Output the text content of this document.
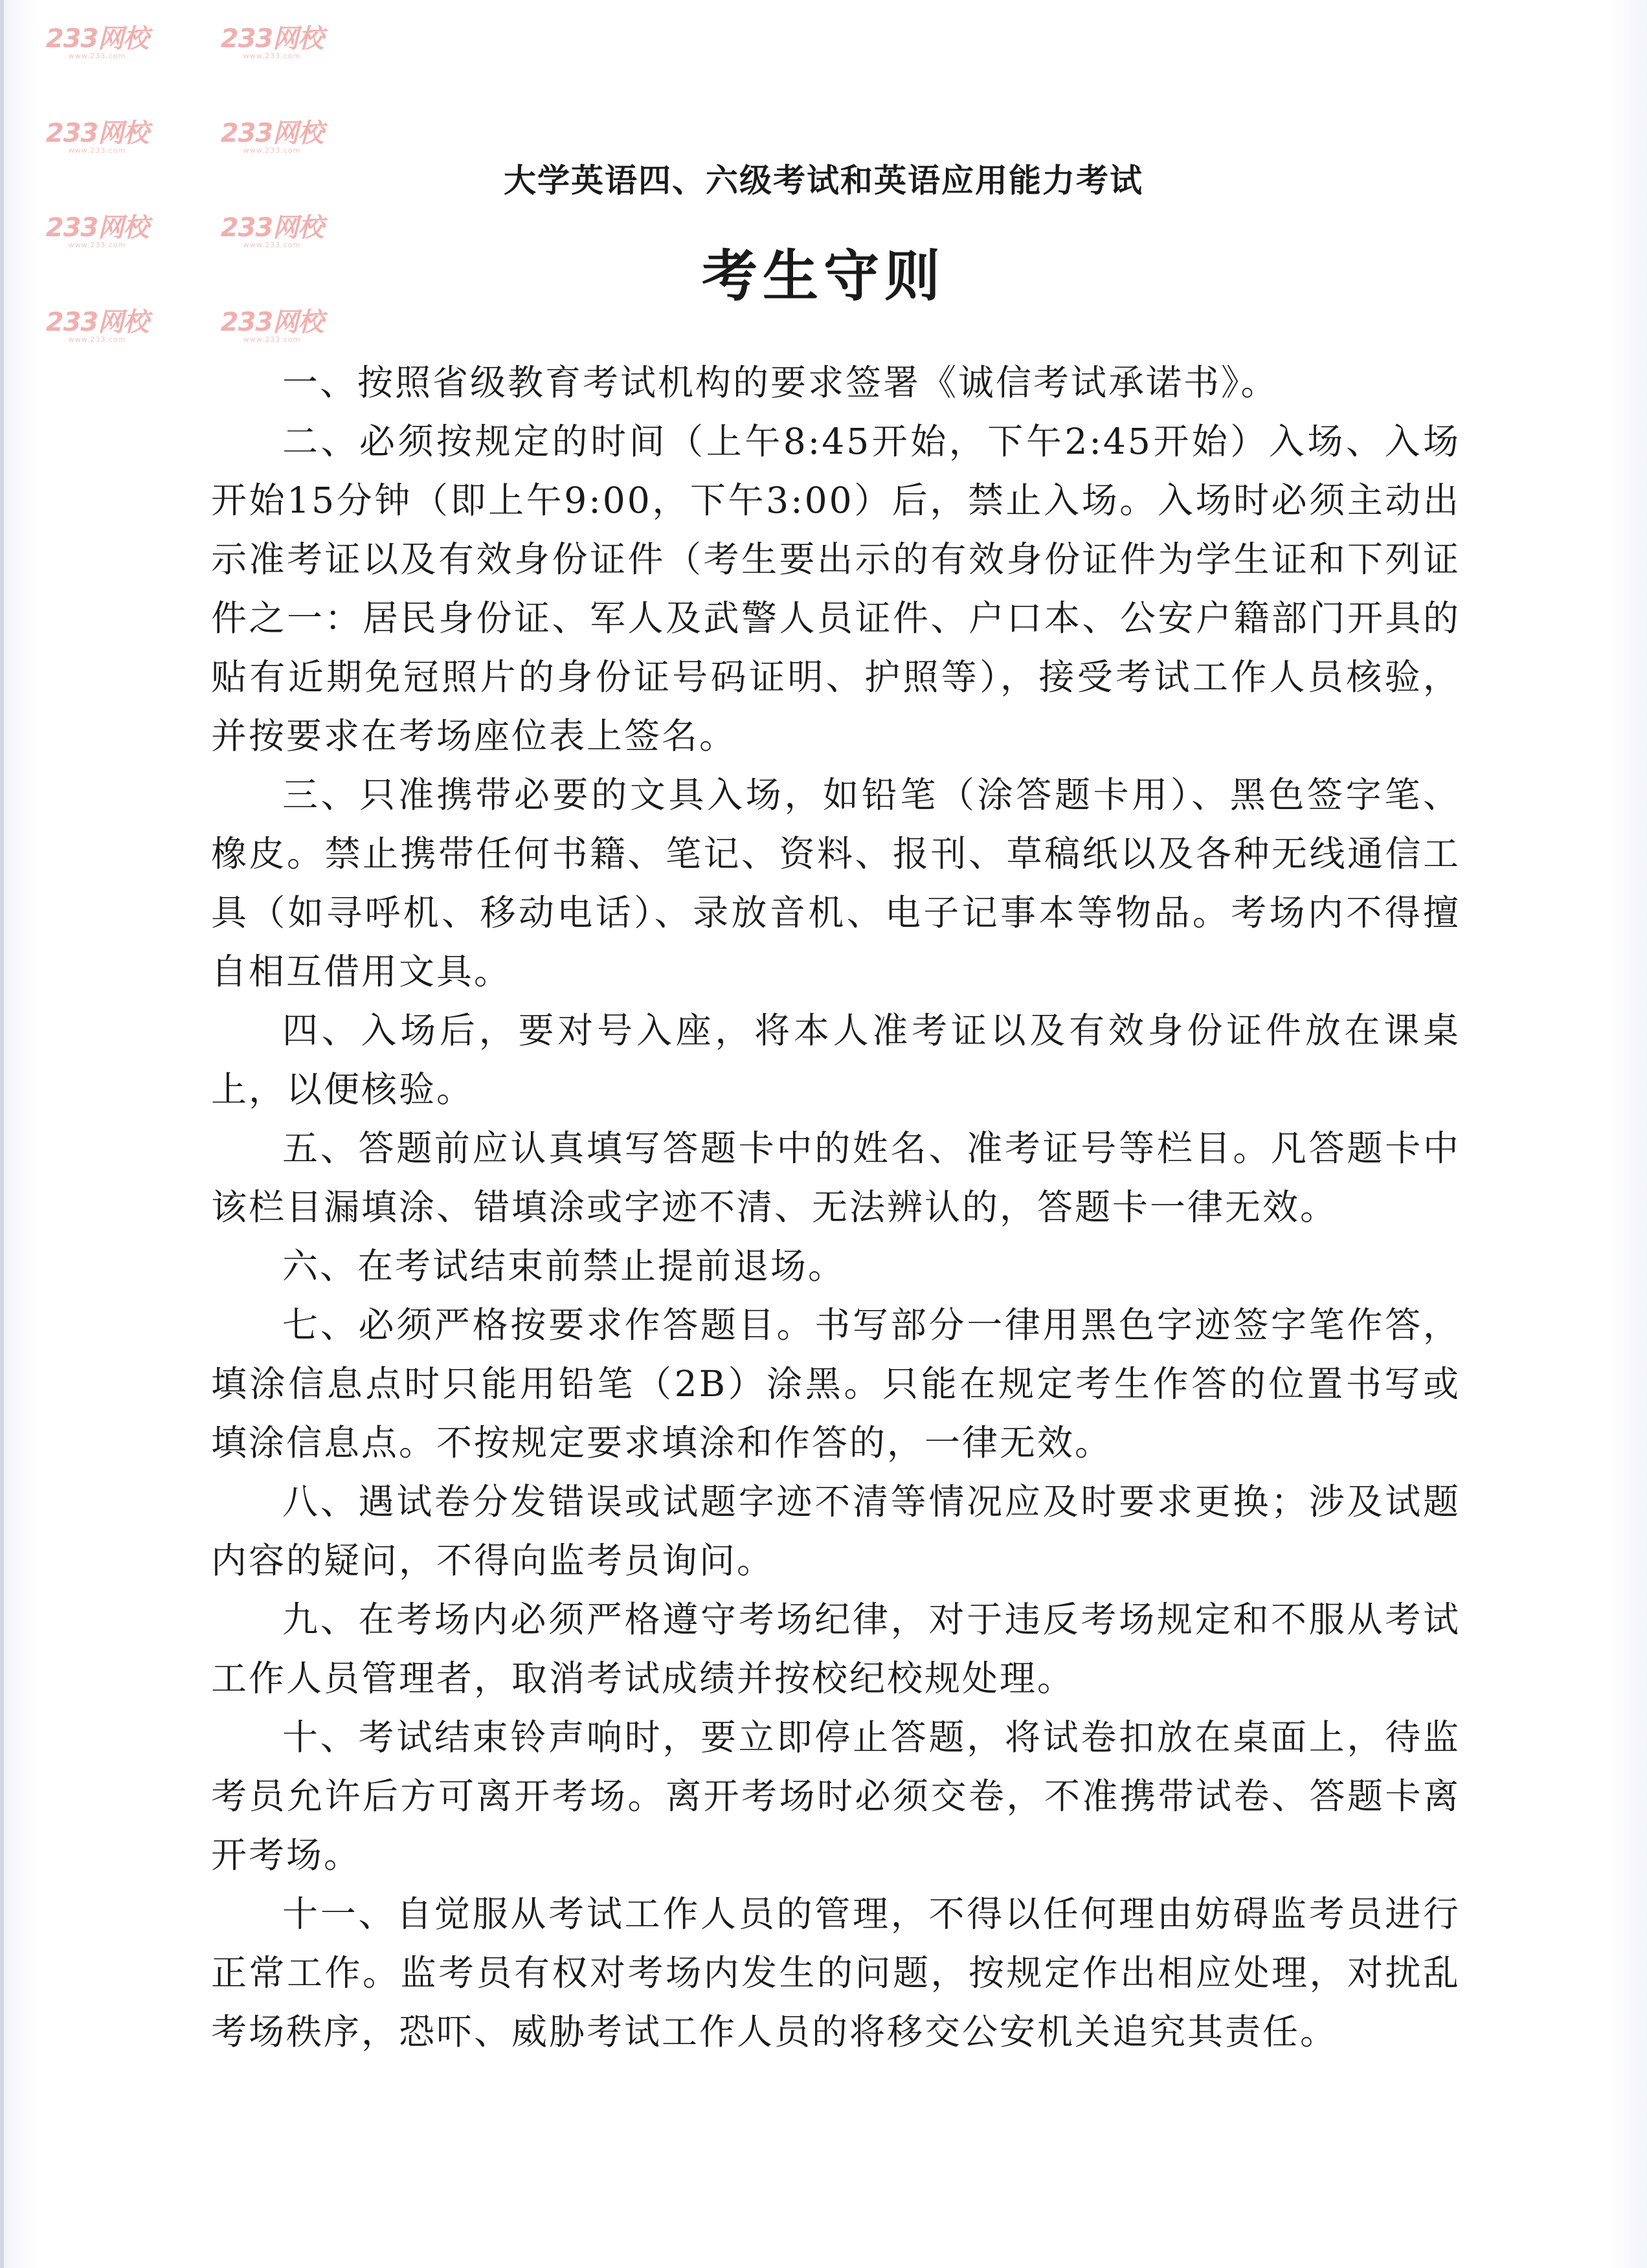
233网校
www.233.com
233网校
www.233.com
233网校
www.233.com
233网校
www.233.com
233网校
www.233.com
233网校
www.233.com
233网校
www.233.com
233网校
www.233.com
大学英语四、六级考试和英语应用能力考试
考生守则

一、按照省级教育考试机构的要求签署《诚信考试承诺书》。

二、必须按规定的时间（上午8:45开始，下午2:45开始）入场、入场开始15分钟（即上午9:00，下午3:00）后，禁止入场。入场时必须主动出示准考证以及有效身份证件（考生要出示的有效身份证件为学生证和下列证件之一：居民身份证、军人及武警人员证件、户口本、公安户籍部门开具的贴有近期免冠照片的身份证号码证明、护照等），接受考试工作人员核验，并按要求在考场座位表上签名。

三、只准携带必要的文具入场，如铅笔（涂答题卡用）、黑色签字笔、橡皮。禁止携带任何书籍、笔记、资料、报刊、草稿纸以及各种无线通信工具（如寻呼机、移动电话）、录放音机、电子记事本等物品。考场内不得擅自相互借用文具。

四、入场后，要对号入座，将本人准考证以及有效身份证件放在课桌上，以便核验。

五、答题前应认真填写答题卡中的姓名、准考证号等栏目。凡答题卡中该栏目漏填涂、错填涂或字迹不清、无法辨认的，答题卡一律无效。

六、在考试结束前禁止提前退场。

七、必须严格按要求作答题目。书写部分一律用黑色字迹签字笔作答，填涂信息点时只能用铅笔（2B）涂黑。只能在规定考生作答的位置书写或填涂信息点。不按规定要求填涂和作答的，一律无效。

八、遇试卷分发错误或试题字迹不清等情况应及时要求更换；涉及试题内容的疑问，不得向监考员询问。

九、在考场内必须严格遵守考场纪律，对于违反考场规定和不服从考试工作人员管理者，取消考试成绩并按校纪校规处理。

十、考试结束铃声响时，要立即停止答题，将试卷扣放在桌面上，待监考员允许后方可离开考场。离开考场时必须交卷，不准携带试卷、答题卡离开考场。

十一、自觉服从考试工作人员的管理，不得以任何理由妨碍监考员进行正常工作。监考员有权对考场内发生的问题，按规定作出相应处理，对扰乱考场秩序，恐吓、威胁考试工作人员的将移交公安机关追究其责任。
